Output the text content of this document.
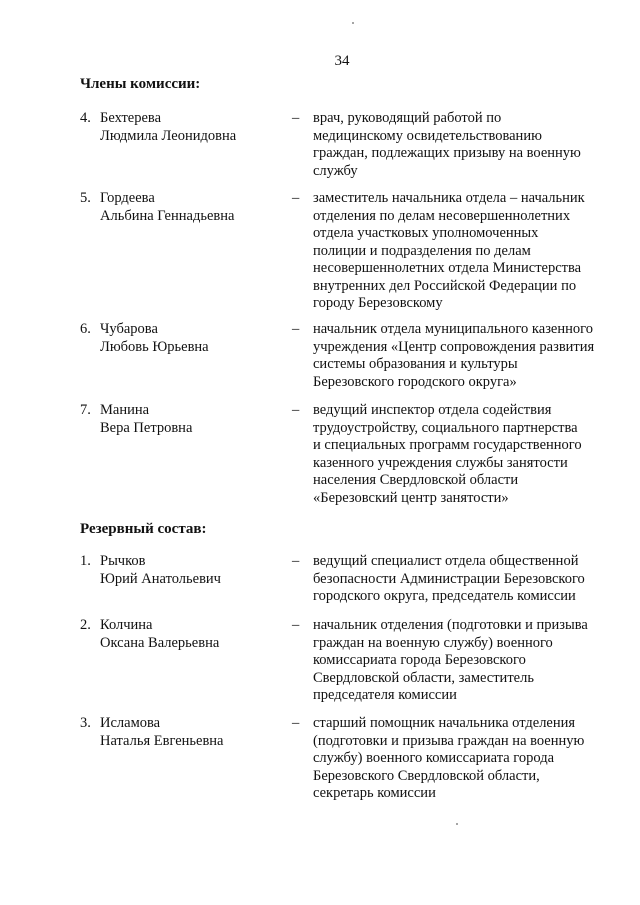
34
Члены комиссии:
4. Бехтерева
Людмила Леонидовна
– врач, руководящий работой по
медицинскому освидетельствованию
граждан, подлежащих призыву на военную
службу
5. Гордеева
Альбина Геннадьевна
– заместитель начальника отдела – начальник
отделения по делам несовершеннолетних
отдела участковых уполномоченных
полиции и подразделения по делам
несовершеннолетних отдела Министерства
внутренних дел Российской Федерации по
городу Березовскому
6. Чубарова
Любовь Юрьевна
– начальник отдела муниципального казенного
учреждения «Центр сопровождения развития
системы образования и культуры
Березовского городского округа»
7. Манина
Вера Петровна
– ведущий инспектор отдела содействия
трудоустройству, социального партнерства
и специальных программ государственного
казенного учреждения службы занятости
населения Свердловской области
«Березовский центр занятости»
Резервный состав:
1. Рычков
Юрий Анатольевич
– ведущий специалист отдела общественной
безопасности Администрации Березовского
городского округа, председатель комиссии
2. Колчина
Оксана Валерьевна
– начальник отделения (подготовки и призыва
граждан на военную службу) военного
комиссариата города Березовского
Свердловской области, заместитель
председателя комиссии
3. Исламова
Наталья Евгеньевна
– старший помощник начальника отделения
(подготовки и призыва граждан на военную
службу) военного комиссариата города
Березовского Свердловской области,
секретарь комиссии
